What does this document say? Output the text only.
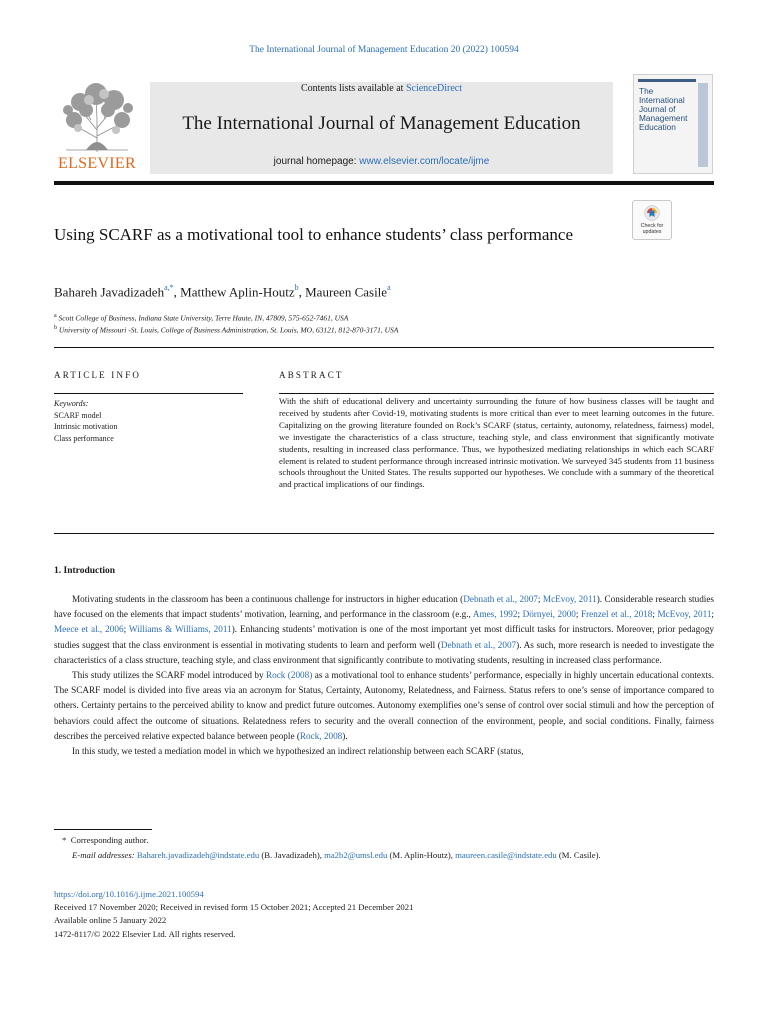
The International Journal of Management Education 20 (2022) 100594
ELSEVIER
Contents lists available at ScienceDirect
The International Journal of Management Education
journal homepage: www.elsevier.com/locate/ijme
The International Journal of Management Education
Check for
updates
Using SCARF as a motivational tool to enhance students’ class performance
Bahareh Javadizadeh$^{a,*}$, Matthew Aplin-Houtz$^b$, Maureen Casile$^a$
$^a$ Scott College of Business, Indiana State University, Terre Haute, IN, 47809, 575-652-7461, USA
$^b$ University of Missouri -St. Louis, College of Business Administration, St. Louis, MO, 63121, 812-870-3171, USA
ARTICLE INFO	ABSTRACT
Keywords:
SCARF model
Intrinsic motivation
Class performance
With the shift of educational delivery and uncertainty surrounding the future of how business classes will be taught and received by students after Covid-19, motivating students is more critical than ever to meet learning outcomes in the future. Capitalizing on the growing literature founded on Rock’s SCARF (status, certainty, autonomy, relatedness, fairness) model, we investigate the characteristics of a class structure, teaching style, and class environment that significantly motivate students, resulting in increased class performance. Thus, we hypothesized mediating relationships in which each SCARF element is related to student performance through increased intrinsic motivation. We surveyed 345 students from 11 business schools throughout the United States. The results supported our hypotheses. We conclude with a summary of the theoretical and practical implications of our findings.
1. Introduction

Motivating students in the classroom has been a continuous challenge for instructors in higher education (Debnath et al., 2007; McEvoy, 2011). Considerable research studies have focused on the elements that impact students’ motivation, learning, and performance in the classroom (e.g., Ames, 1992; Dörnyei, 2000; Frenzel et al., 2018; McEvoy, 2011; Meece et al., 2006; Williams & Williams, 2011). Enhancing students’ motivation is one of the most important yet most difficult tasks for instructors. Moreover, prior pedagogy studies suggest that the class environment is essential in motivating students to learn and perform well (Debnath et al., 2007). As such, more research is needed to investigate the characteristics of a class structure, teaching style, and class environment that significantly contribute to motivating students, resulting in increased class performance.

This study utilizes the SCARF model introduced by Rock (2008) as a motivational tool to enhance students’ performance, especially in highly uncertain educational contexts. The SCARF model is divided into five areas via an acronym for Status, Certainty, Autonomy, Relatedness, and Fairness. Status refers to one’s sense of importance compared to others. Certainty pertains to the perceived ability to know and predict future outcomes. Autonomy exemplifies one’s sense of control over social stimuli and how the perception of behaviors could affect the outcome of situations. Relatedness refers to security and the overall connection of the environment, people, and social conditions. Finally, fairness describes the perceived relative expected balance between people (Rock, 2008).

In this study, we tested a mediation model in which we hypothesized an indirect relationship between each SCARF (status,

* Corresponding author.
E-mail addresses: Bahareh.javadizadeh@indstate.edu (B. Javadizadeh), ma2b2@umsl.edu (M. Aplin-Houtz), maureen.casile@indstate.edu (M. Casile).
https://doi.org/10.1016/j.ijme.2021.100594
Received 17 November 2020; Received in revised form 15 October 2021; Accepted 21 December 2021
Available online 5 January 2022
1472-8117/© 2022 Elsevier Ltd. All rights reserved.
